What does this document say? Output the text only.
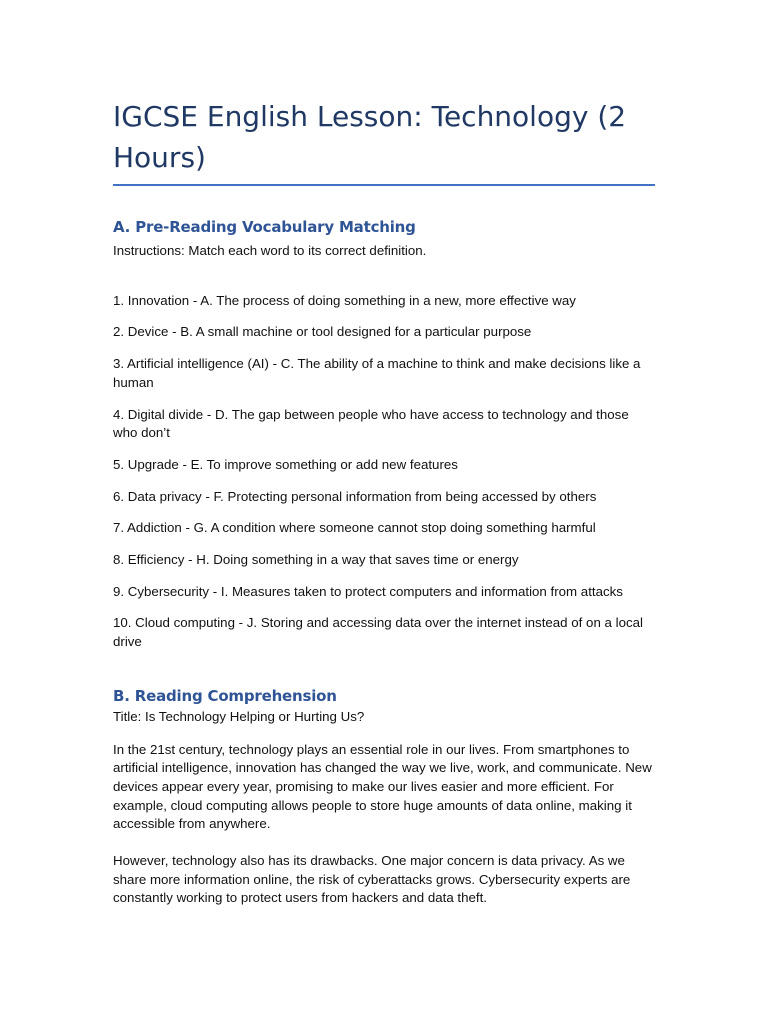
IGCSE English Lesson: Technology (2 Hours)
A. Pre-Reading Vocabulary Matching

Instructions: Match each word to its correct definition.

1. Innovation - A. The process of doing something in a new, more effective way
2. Device - B. A small machine or tool designed for a particular purpose
3. Artificial intelligence (AI) - C. The ability of a machine to think and make decisions like a human
4. Digital divide - D. The gap between people who have access to technology and those who don’t
5. Upgrade - E. To improve something or add new features
6. Data privacy - F. Protecting personal information from being accessed by others
7. Addiction - G. A condition where someone cannot stop doing something harmful
8. Efficiency - H. Doing something in a way that saves time or energy
9. Cybersecurity - I. Measures taken to protect computers and information from attacks
10. Cloud computing - J. Storing and accessing data over the internet instead of on a local drive
B. Reading Comprehension

Title: Is Technology Helping or Hurting Us?

In the 21st century, technology plays an essential role in our lives. From smartphones to artificial intelligence, innovation has changed the way we live, work, and communicate. New devices appear every year, promising to make our lives easier and more efficient. For example, cloud computing allows people to store huge amounts of data online, making it accessible from anywhere.

However, technology also has its drawbacks. One major concern is data privacy. As we share more information online, the risk of cyberattacks grows. Cybersecurity experts are constantly working to protect users from hackers and data theft.
